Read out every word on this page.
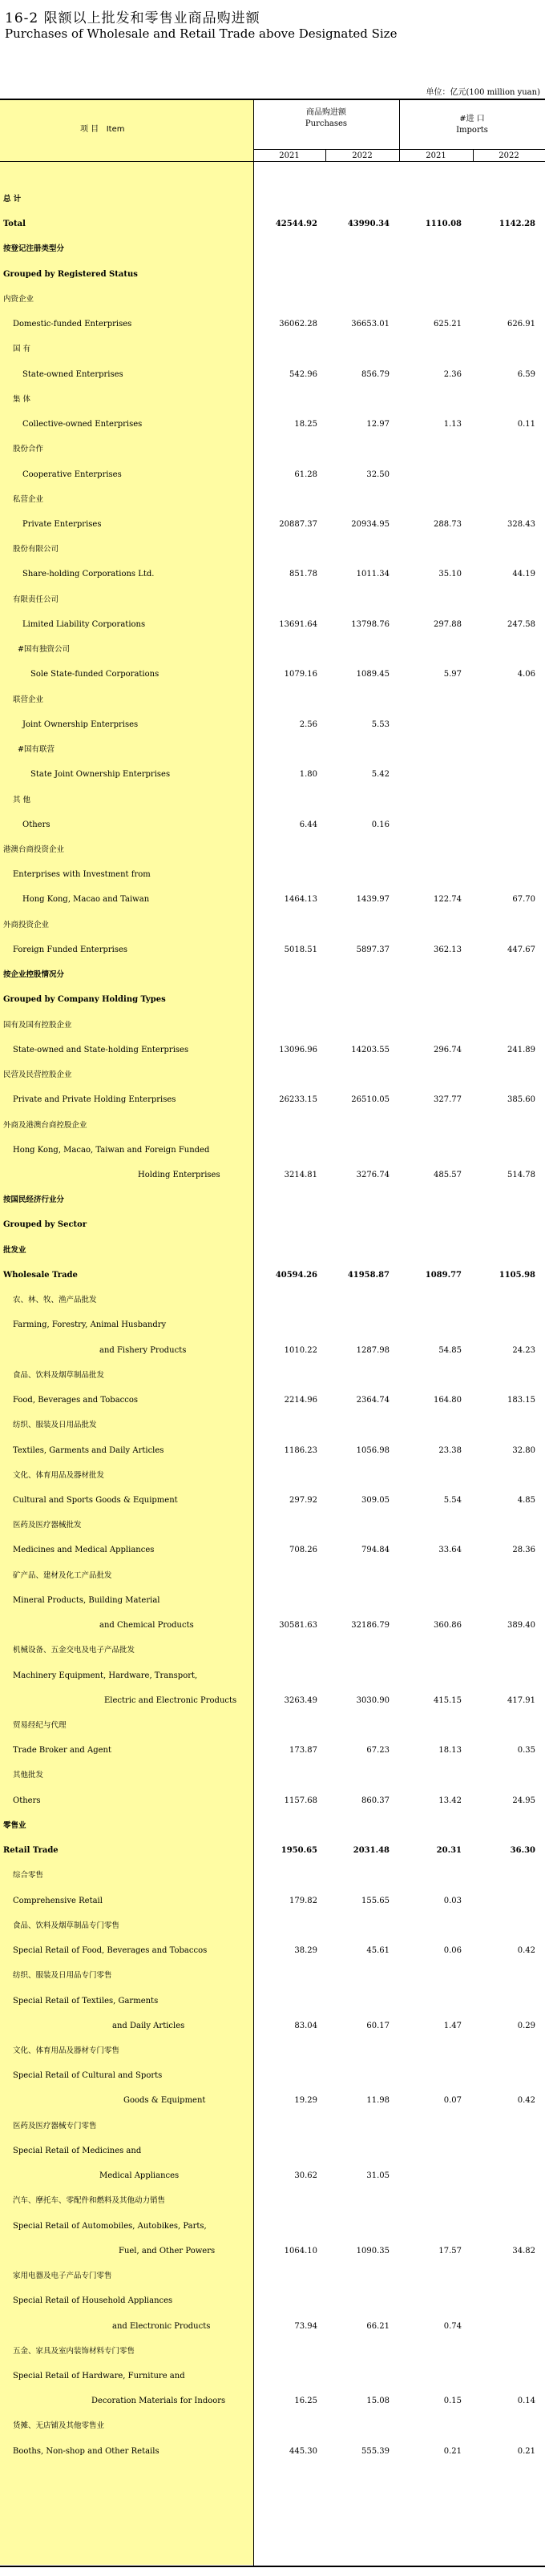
16-2 限额以上批发和零售业商品购进额
Purchases of Wholesale and Retail Trade above Designated Size
单位：亿元(100 million yuan)
项 目 Item
商品购进额
Purchases
#进 口
Imports
2021	2022	2021	2022
总 计
Total	42544.92	43990.34	1110.08	1142.28
按登记注册类型分
Grouped by Registered Status
内资企业
Domestic-funded Enterprises	36062.28	36653.01	625.21	626.91
国 有
State-owned Enterprises	542.96	856.79	2.36	6.59
集 体
Collective-owned Enterprises	18.25	12.97	1.13	0.11
股份合作
Cooperative Enterprises	61.28	32.50
私营企业
Private Enterprises	20887.37	20934.95	288.73	328.43
股份有限公司
Share-holding Corporations Ltd.	851.78	1011.34	35.10	44.19
有限责任公司
Limited Liability Corporations	13691.64	13798.76	297.88	247.58
#国有独资公司
Sole State-funded Corporations	1079.16	1089.45	5.97	4.06
联营企业
Joint Ownership Enterprises	2.56	5.53
#国有联营
State Joint Ownership Enterprises	1.80	5.42
其 他
Others	6.44	0.16
港澳台商投资企业
Enterprises with Investment from
Hong Kong, Macao and Taiwan	1464.13	1439.97	122.74	67.70
外商投资企业
Foreign Funded Enterprises	5018.51	5897.37	362.13	447.67
按企业控股情况分
Grouped by Company Holding Types
国有及国有控股企业
State-owned and State-holding Enterprises	13096.96	14203.55	296.74	241.89
民营及民营控股企业
Private and Private Holding Enterprises	26233.15	26510.05	327.77	385.60
外商及港澳台商控股企业
Hong Kong, Macao, Taiwan and Foreign Funded
Holding Enterprises	3214.81	3276.74	485.57	514.78
按国民经济行业分
Grouped by Sector
批发业
Wholesale Trade	40594.26	41958.87	1089.77	1105.98
农、林、牧、渔产品批发
Farming, Forestry, Animal Husbandry
and Fishery Products	1010.22	1287.98	54.85	24.23
食品、饮料及烟草制品批发
Food, Beverages and Tobaccos	2214.96	2364.74	164.80	183.15
纺织、服装及日用品批发
Textiles, Garments and Daily Articles	1186.23	1056.98	23.38	32.80
文化、体育用品及器材批发
Cultural and Sports Goods & Equipment	297.92	309.05	5.54	4.85
医药及医疗器械批发
Medicines and Medical Appliances	708.26	794.84	33.64	28.36
矿产品、建材及化工产品批发
Mineral Products, Building Material
and Chemical Products	30581.63	32186.79	360.86	389.40
机械设备、五金交电及电子产品批发
Machinery Equipment, Hardware, Transport,
Electric and Electronic Products	3263.49	3030.90	415.15	417.91
贸易经纪与代理
Trade Broker and Agent	173.87	67.23	18.13	0.35
其他批发
Others	1157.68	860.37	13.42	24.95
零售业
Retail Trade	1950.65	2031.48	20.31	36.30
综合零售
Comprehensive Retail	179.82	155.65	0.03
食品、饮料及烟草制品专门零售
Special Retail of Food, Beverages and Tobaccos	38.29	45.61	0.06	0.42
纺织、服装及日用品专门零售
Special Retail of Textiles, Garments
and Daily Articles	83.04	60.17	1.47	0.29
文化、体育用品及器材专门零售
Special Retail of Cultural and Sports
Goods & Equipment	19.29	11.98	0.07	0.42
医药及医疗器械专门零售
Special Retail of Medicines and
Medical Appliances	30.62	31.05
汽车、摩托车、零配件和燃料及其他动力销售
Special Retail of Automobiles, Autobikes, Parts,
Fuel, and Other Powers	1064.10	1090.35	17.57	34.82
家用电器及电子产品专门零售
Special Retail of Household Appliances
and Electronic Products	73.94	66.21	0.74
五金、家具及室内装饰材料专门零售
Special Retail of Hardware, Furniture and
Decoration Materials for Indoors	16.25	15.08	0.15	0.14
货摊、无店铺及其他零售业
Booths, Non-shop and Other Retails	445.30	555.39	0.21	0.21
